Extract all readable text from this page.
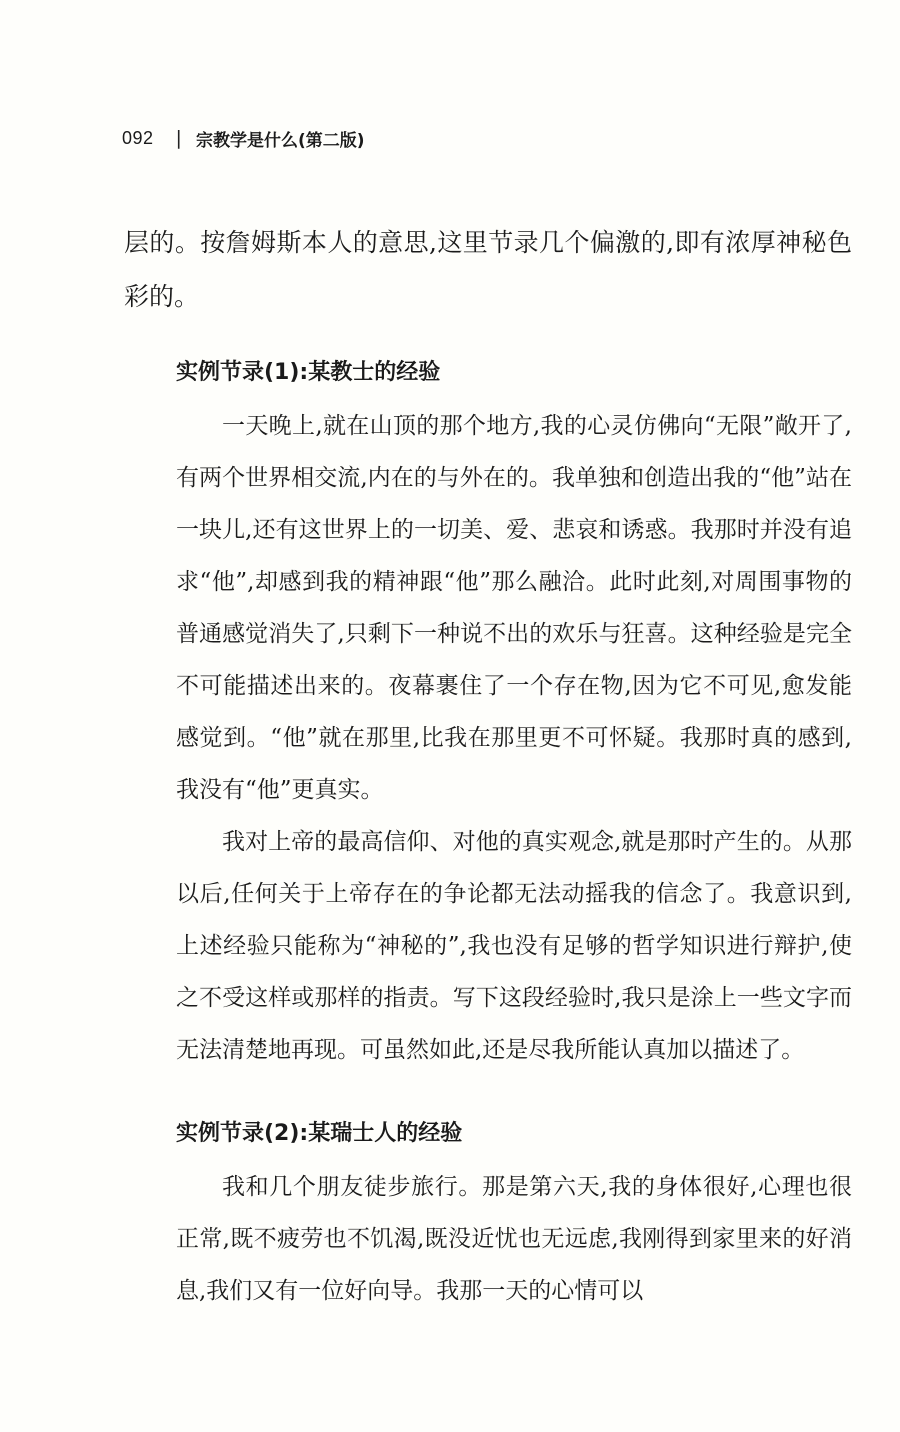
092 | 宗教学是什么(第二版)

层的。按詹姆斯本人的意思,这里节录几个偏激的,即有浓厚神秘色彩的。

实例节录(1):某教士的经验

一天晚上,就在山顶的那个地方,我的心灵仿佛向“无限”敞开了,有两个世界相交流,内在的与外在的。我单独和创造出我的“他”站在一块儿,还有这世界上的一切美、爱、悲哀和诱惑。我那时并没有追求“他”,却感到我的精神跟“他”那么融洽。此时此刻,对周围事物的普通感觉消失了,只剩下一种说不出的欢乐与狂喜。这种经验是完全不可能描述出来的。夜幕裹住了一个存在物,因为它不可见,愈发能感觉到。“他”就在那里,比我在那里更不可怀疑。我那时真的感到,我没有“他”更真实。

我对上帝的最高信仰、对他的真实观念,就是那时产生的。从那以后,任何关于上帝存在的争论都无法动摇我的信念了。我意识到,上述经验只能称为“神秘的”,我也没有足够的哲学知识进行辩护,使之不受这样或那样的指责。写下这段经验时,我只是涂上一些文字而无法清楚地再现。可虽然如此,还是尽我所能认真加以描述了。

实例节录(2):某瑞士人的经验

我和几个朋友徒步旅行。那是第六天,我的身体很好,心理也很正常,既不疲劳也不饥渴,既没近忧也无远虑,我刚得到家里来的好消息,我们又有一位好向导。我那一天的心情可以
